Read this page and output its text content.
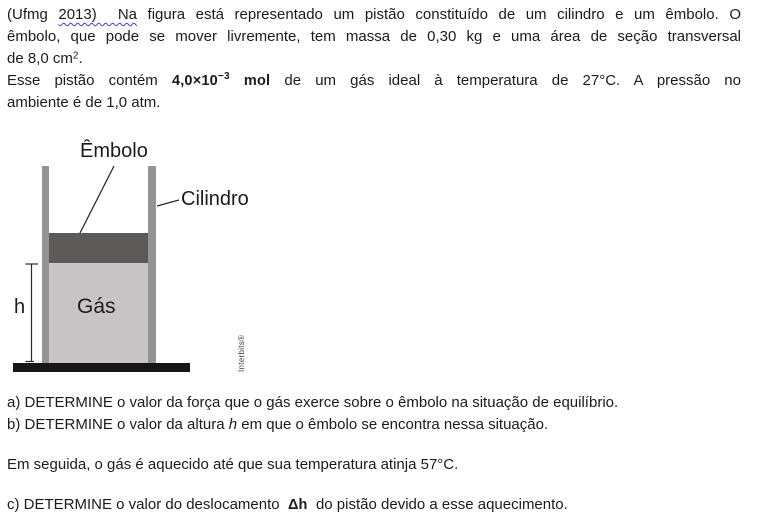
(Ufmg 2013)  Na figura está representado um pistão constituído de um cilindro e um êmbolo. O
êmbolo, que pode se mover livremente, tem massa de 0,30 kg e uma área de seção transversal
de 8,0 $cm^2$.
Esse pistão contém $4,0\times 10^{-3}$ mol de um gás ideal à temperatura de 27°C. A pressão no
ambiente é de 1,0 atm.
Êmbolo
Cilindro
Gás
h
Interbits®
a) DETERMINE o valor da força que o gás exerce sobre o êmbolo na situação de equilíbrio.
b) DETERMINE o valor da altura h em que o êmbolo se encontra nessa situação.
Em seguida, o gás é aquecido até que sua temperatura atinja 57°C.
c) DETERMINE o valor do deslocamento  Δh  do pistão devido a esse aquecimento.
